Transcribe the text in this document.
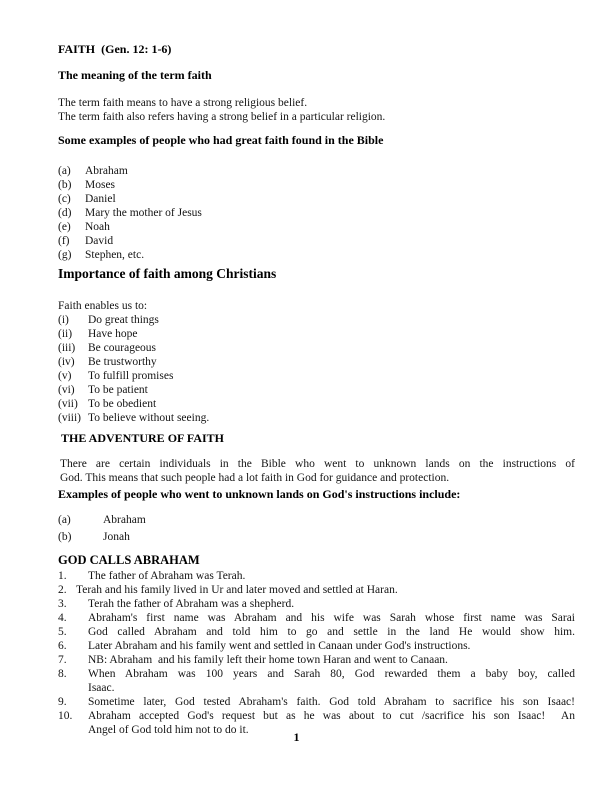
FAITH  (Gen. 12: 1-6)
The meaning of the term faith
The term faith means to have a strong religious belief.
The term faith also refers having a strong belief in a particular religion.
Some examples of people who had great faith found in the Bible
(a)	Abraham
(b)	Moses
(c)	Daniel
(d)	Mary the mother of Jesus
(e)	Noah
(f)	David
(g)	Stephen, etc.
Importance of faith among Christians
Faith enables us to:
(i)	Do great things
(ii)	Have hope
(iii)	Be courageous
(iv)	Be trustworthy
(v)	To fulfill promises
(vi)	To be patient
(vii) To be obedient
(viii) To believe without seeing.
THE ADVENTURE OF FAITH
There are certain individuals in the Bible who went to unknown lands on the instructions of
God. This means that such people had a lot faith in God for guidance and protection.
Examples of people who went to unknown lands on God's instructions include:
(a)	Abraham
(b)	Jonah
GOD CALLS ABRAHAM
1.	The father of Abraham was Terah.
2. Terah and his family lived in Ur and later moved and settled at Haran.
3.	Terah the father of Abraham was a shepherd.
4.	Abraham's first name was Abraham and his wife was Sarah whose first name was Sarai
5.	God called Abraham and told him to go and settle in the land He would show him.
6.	Later Abraham and his family went and settled in Canaan under God's instructions.
7.	NB: Abraham  and his family left their home town Haran and went to Canaan.
8.	When Abraham was 100 years and Sarah 80, God rewarded them a baby boy, called
Isaac.
9.	Sometime later, God tested Abraham's faith. God told Abraham to sacrifice his son Isaac!
10.	Abraham accepted God's request but as he was about to cut /sacrifice his son Isaac!  An
Angel of God told him not to do it.	1
